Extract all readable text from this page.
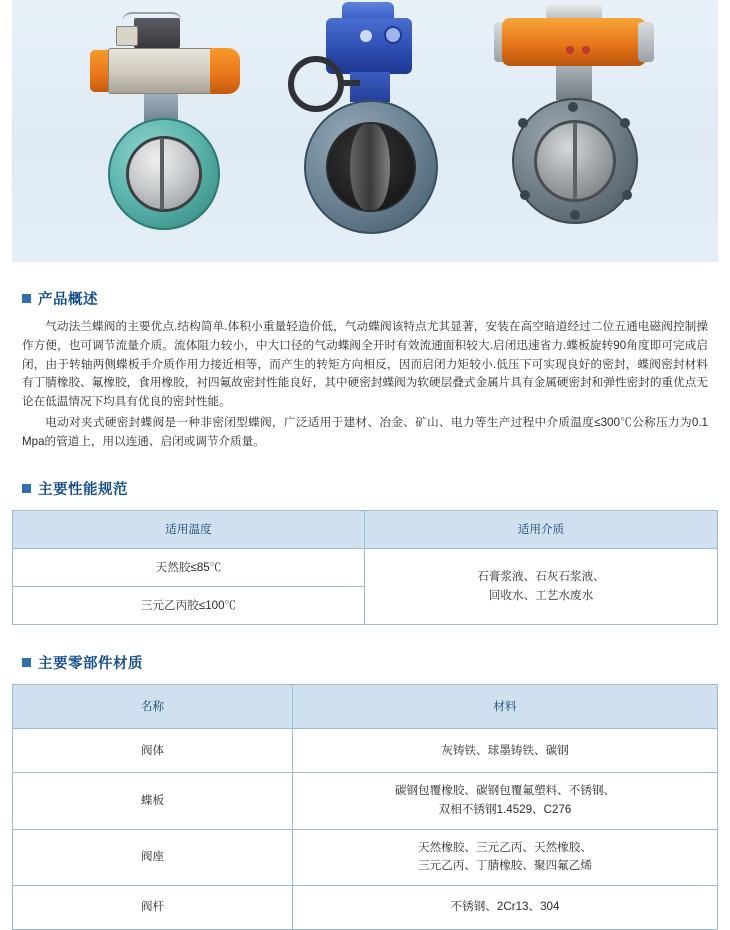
产品概述

气动法兰蝶阀的主要优点.结构简单.体积小重量轻造价低，气动蝶阀该特点尤其显著，安装在高空暗道经过二位五通电磁阀控制操作方便，也可调节流量介质。流体阻力较小，中大口径的气动蝶阀全开时有效流通面积较大.启闭迅速省力.蝶板旋转90角度即可完成启闭，由于转轴两侧蝶板手介质作用力接近相等，而产生的转矩方向相反，因而启闭力矩较小.低压下可实现良好的密封，蝶阀密封材料有丁腈橡胶、氟橡胶，食用橡胶，衬四氟故密封性能良好，其中硬密封蝶阀为软硬层叠式金属片具有金属硬密封和弹性密封的重优点无论在低温情况下均具有优良的密封性能。

电动对夹式硬密封蝶阀是一种非密闭型蝶阀，广泛适用于建材、冶金、矿山、电力等生产过程中介质温度≤300℃公称压力为0.1 Mpa的管道上，用以连通、启闭或调节介质量。

主要性能规范
适用温度	适用介质
天然胶≤85℃	石膏浆液、石灰石浆液、
回收水、工艺水废水

三元乙丙胶≤100℃	
主要零部件材质
名称	材料
阀体	灰铸铁、球墨铸铁、碳钢

蝶板	碳钢包覆橡胶、碳钢包覆氟塑料、不锈钢、
双相不锈钢1.4529、C276

阀座	天然橡胶、三元乙丙、天然橡胶、
三元乙丙、丁腈橡胶、聚四氟乙烯

阀杆	不锈钢、2Cr13、304
